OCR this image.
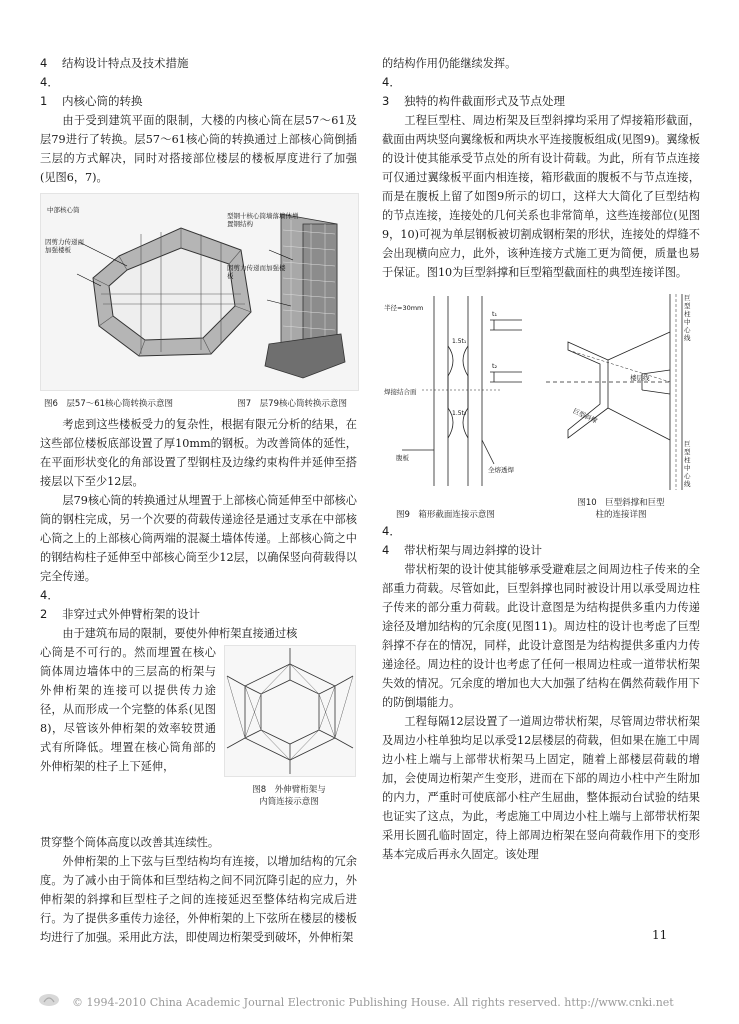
4 结构设计特点及技术措施

4．1 内核心筒的转换

由于受到建筑平面的限制，大楼的内核心筒在层57～61及层79进行了转换。层57～61核心筒的转换通过上部核心筒倒插三层的方式解决，同时对搭接部位楼层的楼板厚度进行了加强(见图6，7)。

中部核心筒
因剪力传递而加强楼板
型钢十核心筒墙落墙体增置钢结构
因剪力传递而加强楼板
图6　层57～61核心筒转换示意图	图7　层79核心筒转换示意图

考虑到这些楼板受力的复杂性，根据有限元分析的结果，在这些部位楼板底部设置了厚10mm的钢板。为改善筒体的延性，在平面形状变化的角部设置了型钢柱及边缘约束构件并延伸至搭接层以下至少12层。

层79核心筒的转换通过从埋置于上部核心筒延伸至中部核心筒的钢柱完成，另一个次要的荷载传递途径是通过支承在中部核心筒之上的上部核心筒两端的混凝土墙体传递。上部核心筒之中的钢结构柱子延伸至中部核心筒至少12层，以确保竖向荷载得以完全传递。

4．2 非穿过式外伸臂桁架的设计

由于建筑布局的限制，要使外伸桁架直接通过核

心筒是不可行的。然而埋置在核心筒体周边墙体中的三层高的桁架与外伸桁架的连接可以提供传力途径，从而形成一个完整的体系(见图8)，尽管该外伸桁架的效率较贯通式有所降低。埋置在核心筒角部的外伸桁架的柱子上下延伸，

图8　外伸臂桁架与
内筒连接示意图

贯穿整个筒体高度以改善其连续性。

外伸桁架的上下弦与巨型结构均有连接，以增加结构的冗余度。为了减小由于筒体和巨型结构之间不同沉降引起的应力，外伸桁架的斜撑和巨型柱子之间的连接延迟至整体结构完成后进行。为了提供多重传力途径，外伸桁架的上下弦所在楼层的楼板均进行了加强。采用此方法，即使周边桁架受到破坏，外伸桁架

的结构作用仍能继续发挥。

4．3 独特的构件截面形式及节点处理

工程巨型柱、周边桁架及巨型斜撑均采用了焊接箱形截面，截面由两块竖向翼缘板和两块水平连接腹板组成(见图9)。翼缘板的设计使其能承受节点处的所有设计荷载。为此，所有节点连接可仅通过翼缘板平面内相连接，箱形截面的腹板不与节点连接，而是在腹板上留了如图9所示的切口，这样大大简化了巨型结构的节点连接，连接处的几何关系也非常简单，这些连接部位(见图9，10)可视为单层钢板被切割成钢桁架的形状，连接处的焊缝不会出现横向应力，此外，该种连接方式施工更为简便，质量也易于保证。图10为巨型斜撑和巨型箱型截面柱的典型连接详图。

半径=30mm
t₁
t₂
1.5t₁
1.5t₂
焊接结合面
腹板
全熔透焊
巨型柱中心线
楼层线
巨型斜撑
巨型柱中心线
图9　箱形截面连接示意图
图10　巨型斜撑和巨型
柱的连接详图

4．4 带状桁架与周边斜撑的设计

带状桁架的设计使其能够承受避难层之间周边柱子传来的全部重力荷载。尽管如此，巨型斜撑也同时被设计用以承受周边柱子传来的部分重力荷载。此设计意图是为结构提供多重内力传递途径及增加结构的冗余度(见图11)。周边柱的设计也考虑了巨型斜撑不存在的情况，同样，此设计意图是为结构提供多重内力传递途径。周边柱的设计也考虑了任何一根周边柱或一道带状桁架失效的情况。冗余度的增加也大大加强了结构在偶然荷载作用下的防倒塌能力。

工程每隔12层设置了一道周边带状桁架，尽管周边带状桁架及周边小柱单独均足以承受12层楼层的荷载，但如果在施工中周边小柱上端与上部带状桁架马上固定，随着上部楼层荷载的增加，会使周边桁架产生变形，进而在下部的周边小柱中产生附加的内力，严重时可使底部小柱产生屈曲，整体振动台试验的结果也证实了这点，为此，考虑施工中周边小柱上端与上部带状桁架采用长圆孔临时固定，待上部周边桁架在竖向荷载作用下的变形基本完成后再永久固定。该处理

11
© 1994-2010 China Academic Journal Electronic Publishing House. All rights reserved. http://www.cnki.net
